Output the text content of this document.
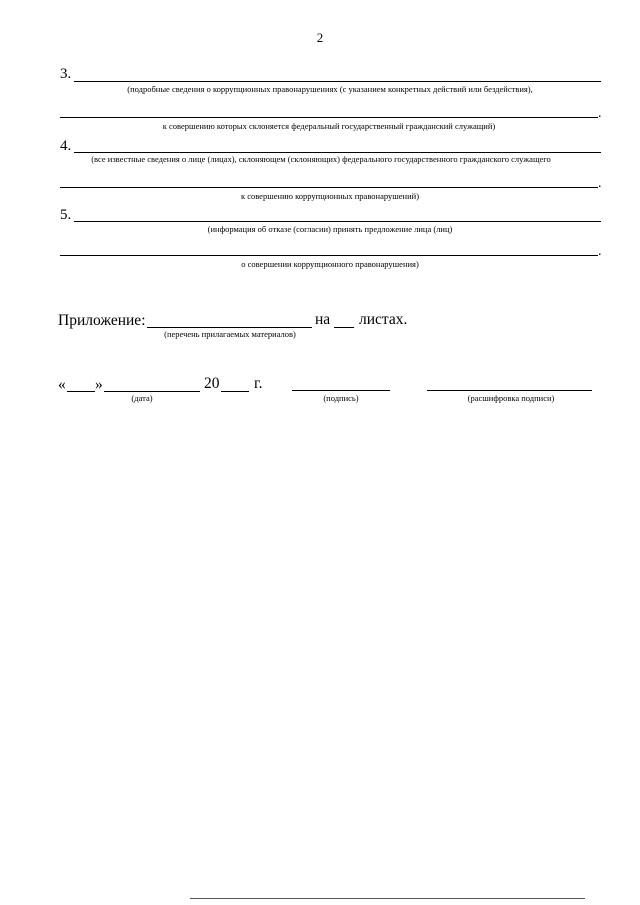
2
3.
(подробные сведения о коррупционных правонарушениях (с указанием конкретных действий или бездействия),
.
к совершению которых склоняется федеральный государственный гражданский служащий)
4.
(все известные сведения о лице (лицах), склоняющем (склоняющих) федерального государственного гражданского служащего
.
к совершению коррупционных правонарушений)
5.
(информация об отказе (согласии) принять предложение лица (лиц)
.
о совершении коррупционного правонарушения)
Приложение:	на листах.
(перечень прилагаемых материалов)
« »	20 г.
(дата)	(подпись)	(расшифровка подписи)
